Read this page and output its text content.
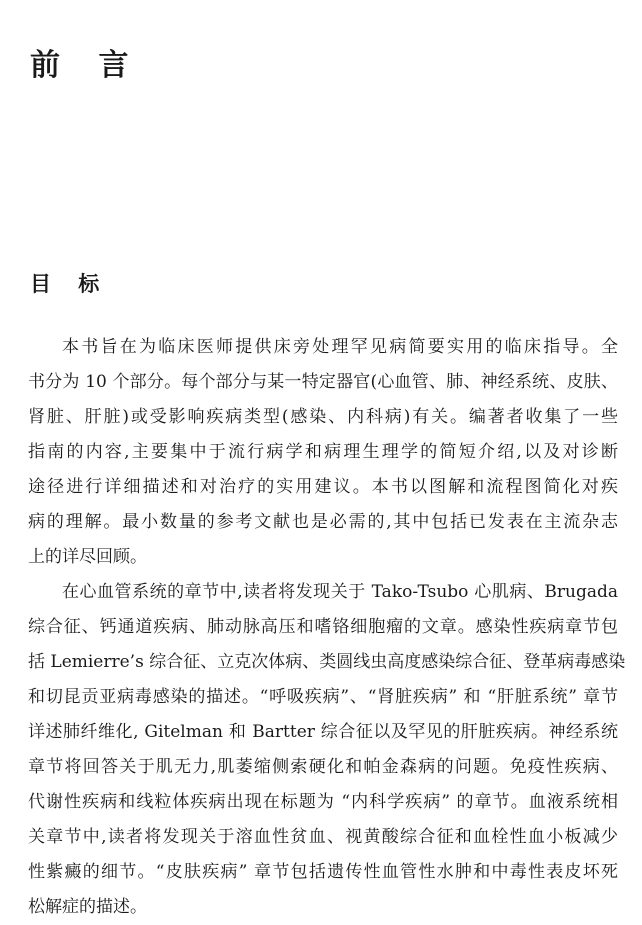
前 言
目 标
本书旨在为临床医师提供床旁处理罕见病简要实用的临床指导。全
书分为 10 个部分。每个部分与某一特定器官(心血管、肺、神经系统、皮肤、
肾脏、肝脏)或受影响疾病类型(感染、内科病)有关。编著者收集了一些
指南的内容,主要集中于流行病学和病理生理学的简短介绍,以及对诊断
途径进行详细描述和对治疗的实用建议。本书以图解和流程图简化对疾
病的理解。最小数量的参考文献也是必需的,其中包括已发表在主流杂志
上的详尽回顾。
在心血管系统的章节中,读者将发现关于 Tako-Tsubo 心肌病、Brugada
综合征、钙通道疾病、肺动脉高压和嗜铬细胞瘤的文章。感染性疾病章节包
括 Lemierre’s 综合征、立克次体病、类圆线虫高度感染综合征、登革病毒感染
和切昆贡亚病毒感染的描述。“呼吸疾病”、“肾脏疾病” 和 “肝脏系统” 章节
详述肺纤维化, Gitelman 和 Bartter 综合征以及罕见的肝脏疾病。神经系统
章节将回答关于肌无力,肌萎缩侧索硬化和帕金森病的问题。免疫性疾病、
代谢性疾病和线粒体疾病出现在标题为 “内科学疾病” 的章节。血液系统相
关章节中,读者将发现关于溶血性贫血、视黄酸综合征和血栓性血小板减少
性紫癜的细节。“皮肤疾病” 章节包括遗传性血管性水肿和中毒性表皮坏死
松解症的描述。
